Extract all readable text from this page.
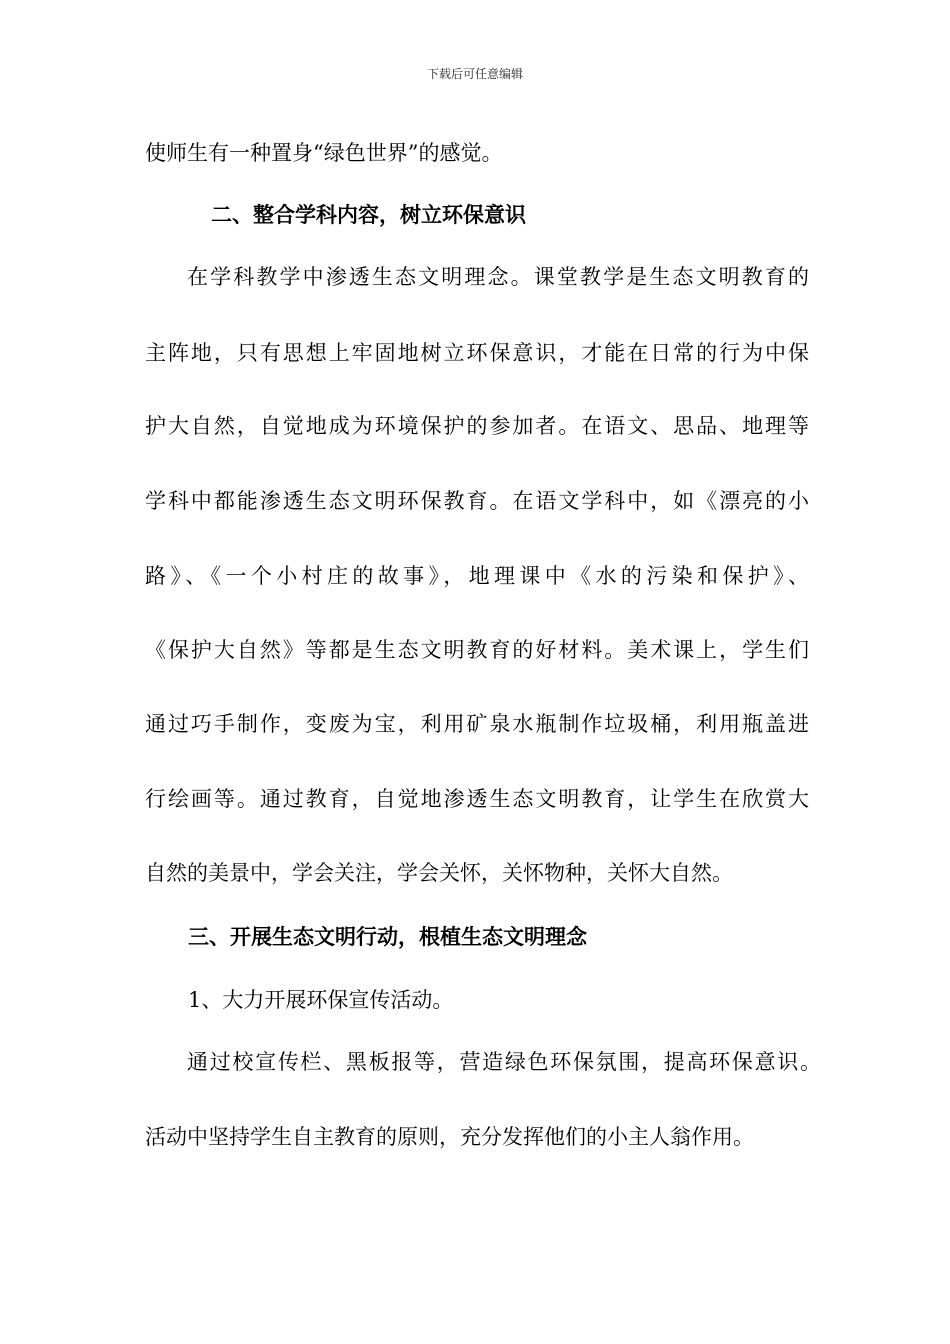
下载后可任意编辑
使师生有一种置身“绿色世界”的感觉。
二、整合学科内容，树立环保意识
在学科教学中渗透生态文明理念。课堂教学是生态文明教育的
主阵地，只有思想上牢固地树立环保意识，才能在日常的行为中保
护大自然，自觉地成为环境保护的参加者。在语文、思品、地理等
学科中都能渗透生态文明环保教育。在语文学科中，如《漂亮的小
路》、《一个小村庄的故事》，地理课中《水的污染和保护》、
《保护大自然》等都是生态文明教育的好材料。美术课上，学生们
通过巧手制作，变废为宝，利用矿泉水瓶制作垃圾桶，利用瓶盖进
行绘画等。通过教育，自觉地渗透生态文明教育，让学生在欣赏大
自然的美景中，学会关注，学会关怀，关怀物种，关怀大自然。
三、开展生态文明行动，根植生态文明理念
1、大力开展环保宣传活动。
通过校宣传栏、黑板报等，营造绿色环保氛围，提高环保意识。
活动中坚持学生自主教育的原则，充分发挥他们的小主人翁作用。
